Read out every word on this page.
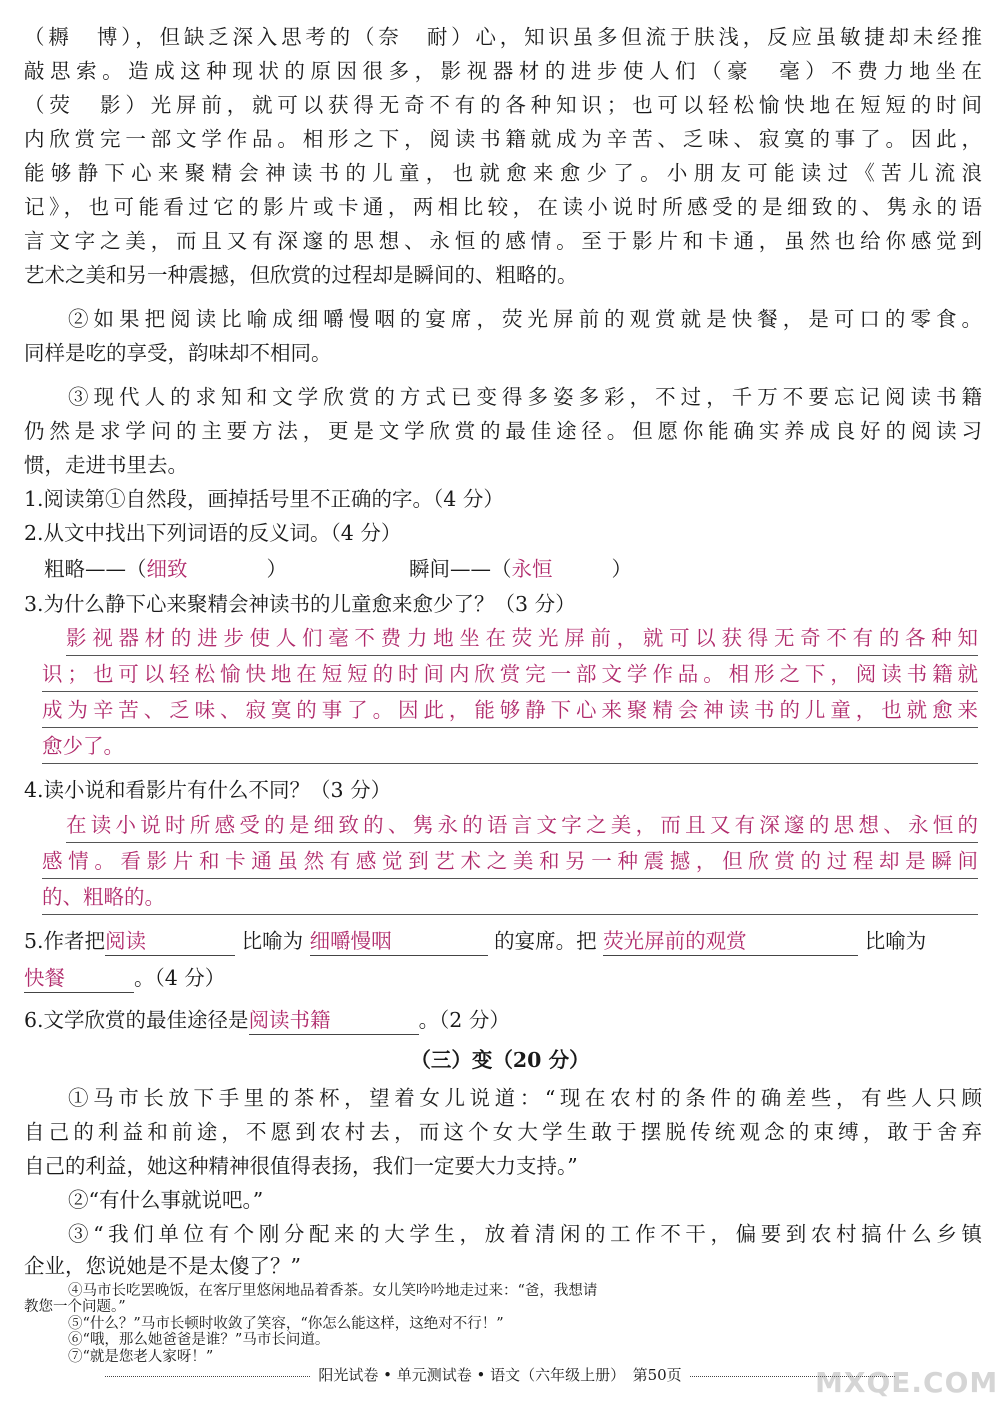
（耨　博），但缺乏深入思考的（奈　耐）心，知识虽多但流于肤浅，反应虽敏捷却未经推
敲思索。造成这种现状的原因很多，影视器材的进步使人们（豪　毫）不费力地坐在
（荧　影）光屏前，就可以获得无奇不有的各种知识；也可以轻松愉快地在短短的时间
内欣赏完一部文学作品。相形之下，阅读书籍就成为辛苦、乏味、寂寞的事了。因此，
能够静下心来聚精会神读书的儿童，也就愈来愈少了。小朋友可能读过《苦儿流浪
记》，也可能看过它的影片或卡通，两相比较，在读小说时所感受的是细致的、隽永的语
言文字之美，而且又有深邃的思想、永恒的感情。至于影片和卡通，虽然也给你感觉到
艺术之美和另一种震撼，但欣赏的过程却是瞬间的、粗略的。
②如果把阅读比喻成细嚼慢咽的宴席，荧光屏前的观赏就是快餐，是可口的零食。
同样是吃的享受，韵味却不相同。
③现代人的求知和文学欣赏的方式已变得多姿多彩，不过，千万不要忘记阅读书籍
仍然是求学问的主要方法，更是文学欣赏的最佳途径。但愿你能确实养成良好的阅读习
惯，走进书里去。
1.阅读第①自然段，画掉括号里不正确的字。（4 分）
2.从文中找出下列词语的反义词。（4 分）
粗略——（细致	）	瞬间——（永恒	）
3.为什么静下心来聚精会神读书的儿童愈来愈少了？（3 分）
影视器材的进步使人们毫不费力地坐在荧光屏前，就可以获得无奇不有的各种知
识；也可以轻松愉快地在短短的时间内欣赏完一部文学作品。相形之下，阅读书籍就
成为辛苦、乏味、寂寞的事了。因此，能够静下心来聚精会神读书的儿童，也就愈来
愈少了。
4.读小说和看影片有什么不同？（3 分）
在读小说时所感受的是细致的、隽永的语言文字之美，而且又有深邃的思想、永恒的
感情。看影片和卡通虽然有感觉到艺术之美和另一种震撼，但欣赏的过程却是瞬间
的、粗略的。
5.作者把阅读	比喻为 细嚼慢咽	的宴席。把 荧光屏前的观赏	比喻为
快餐	。（4 分）
6.文学欣赏的最佳途径是阅读书籍	。（2 分）
（三）变（20 分）
①马市长放下手里的茶杯，望着女儿说道：“现在农村的条件的确差些，有些人只顾
自己的利益和前途，不愿到农村去，而这个女大学生敢于摆脱传统观念的束缚，敢于舍弃
自己的利益，她这种精神很值得表扬，我们一定要大力支持。”
②“有什么事就说吧。”
③“我们单位有个刚分配来的大学生，放着清闲的工作不干，偏要到农村搞什么乡镇
企业，您说她是不是太傻了？”
阳光试卷 • 单元测试卷 • 语文（六年级上册）　第50页	MXQE.COM
④马市长吃罢晚饭，在客厅里悠闲地品着香茶。女儿笑吟吟地走过来：“爸，我想请
教您一个问题。”
⑤“什么？”马市长顿时收敛了笑容，“你怎么能这样，这绝对不行！”
⑥“哦，那么她爸爸是谁？”马市长问道。
⑦“就是您老人家呀！”
